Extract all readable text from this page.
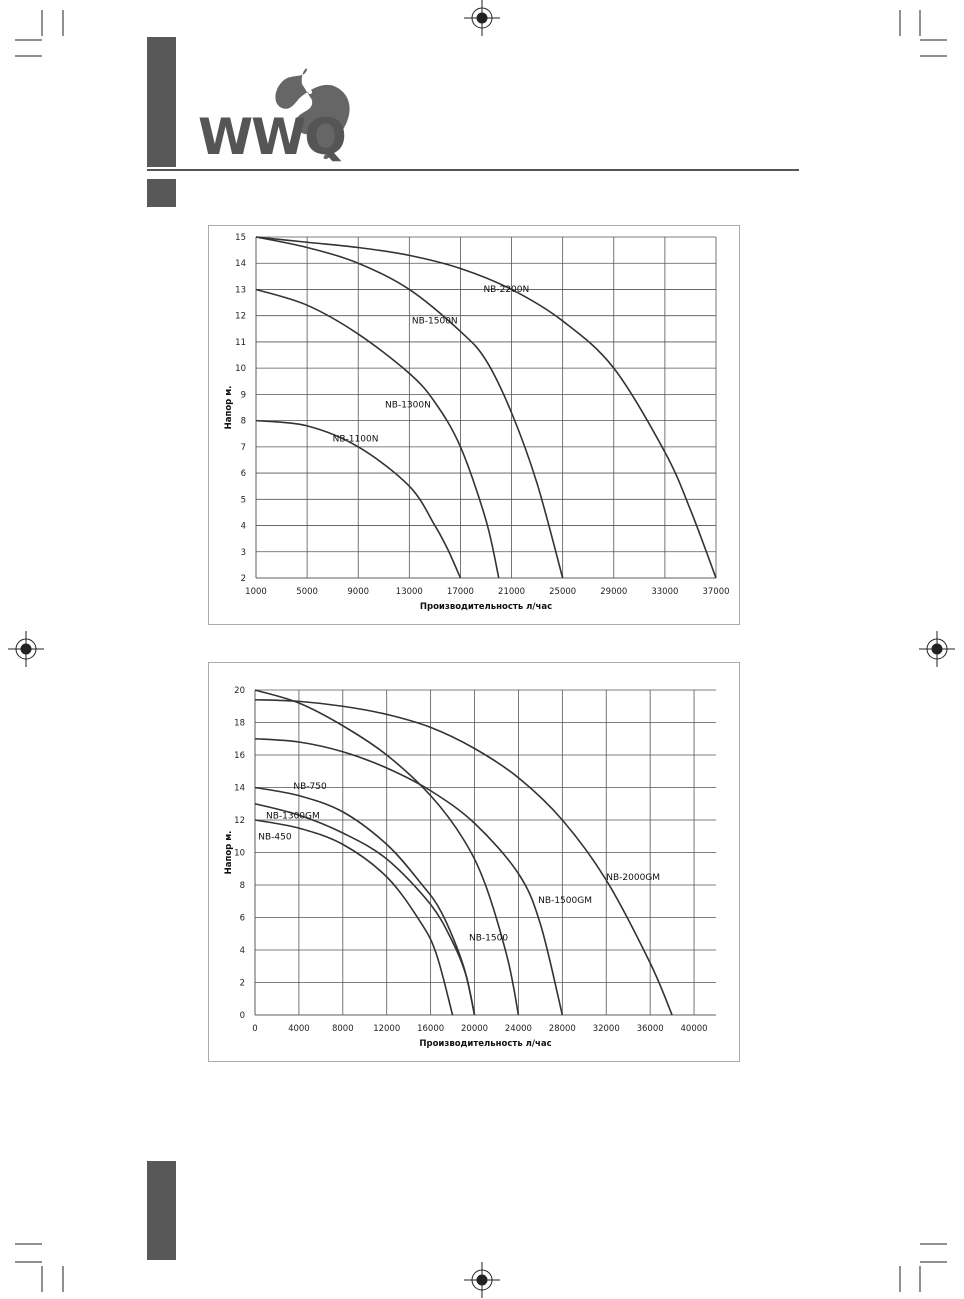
WWQ
1000	5000	9000	13000	17000	21000	25000	29000	33000	37000
2
3
4
5
6
7
8
9
10
11
12
13
14
15
NB-2200N
NB-1500N
NB-1300N
NB-1100N
Производительность л/час
Напор м.
0	4000	8000 12000 16000 20000 24000 28000 32000 36000 40000
0
2
4
6
8
10
12
14
16
18
20
NB-750
NB-1300GM
NB-450
NB-1500
NB-1500GM
NB-2000GM
Производительность л/час
Напор м.
